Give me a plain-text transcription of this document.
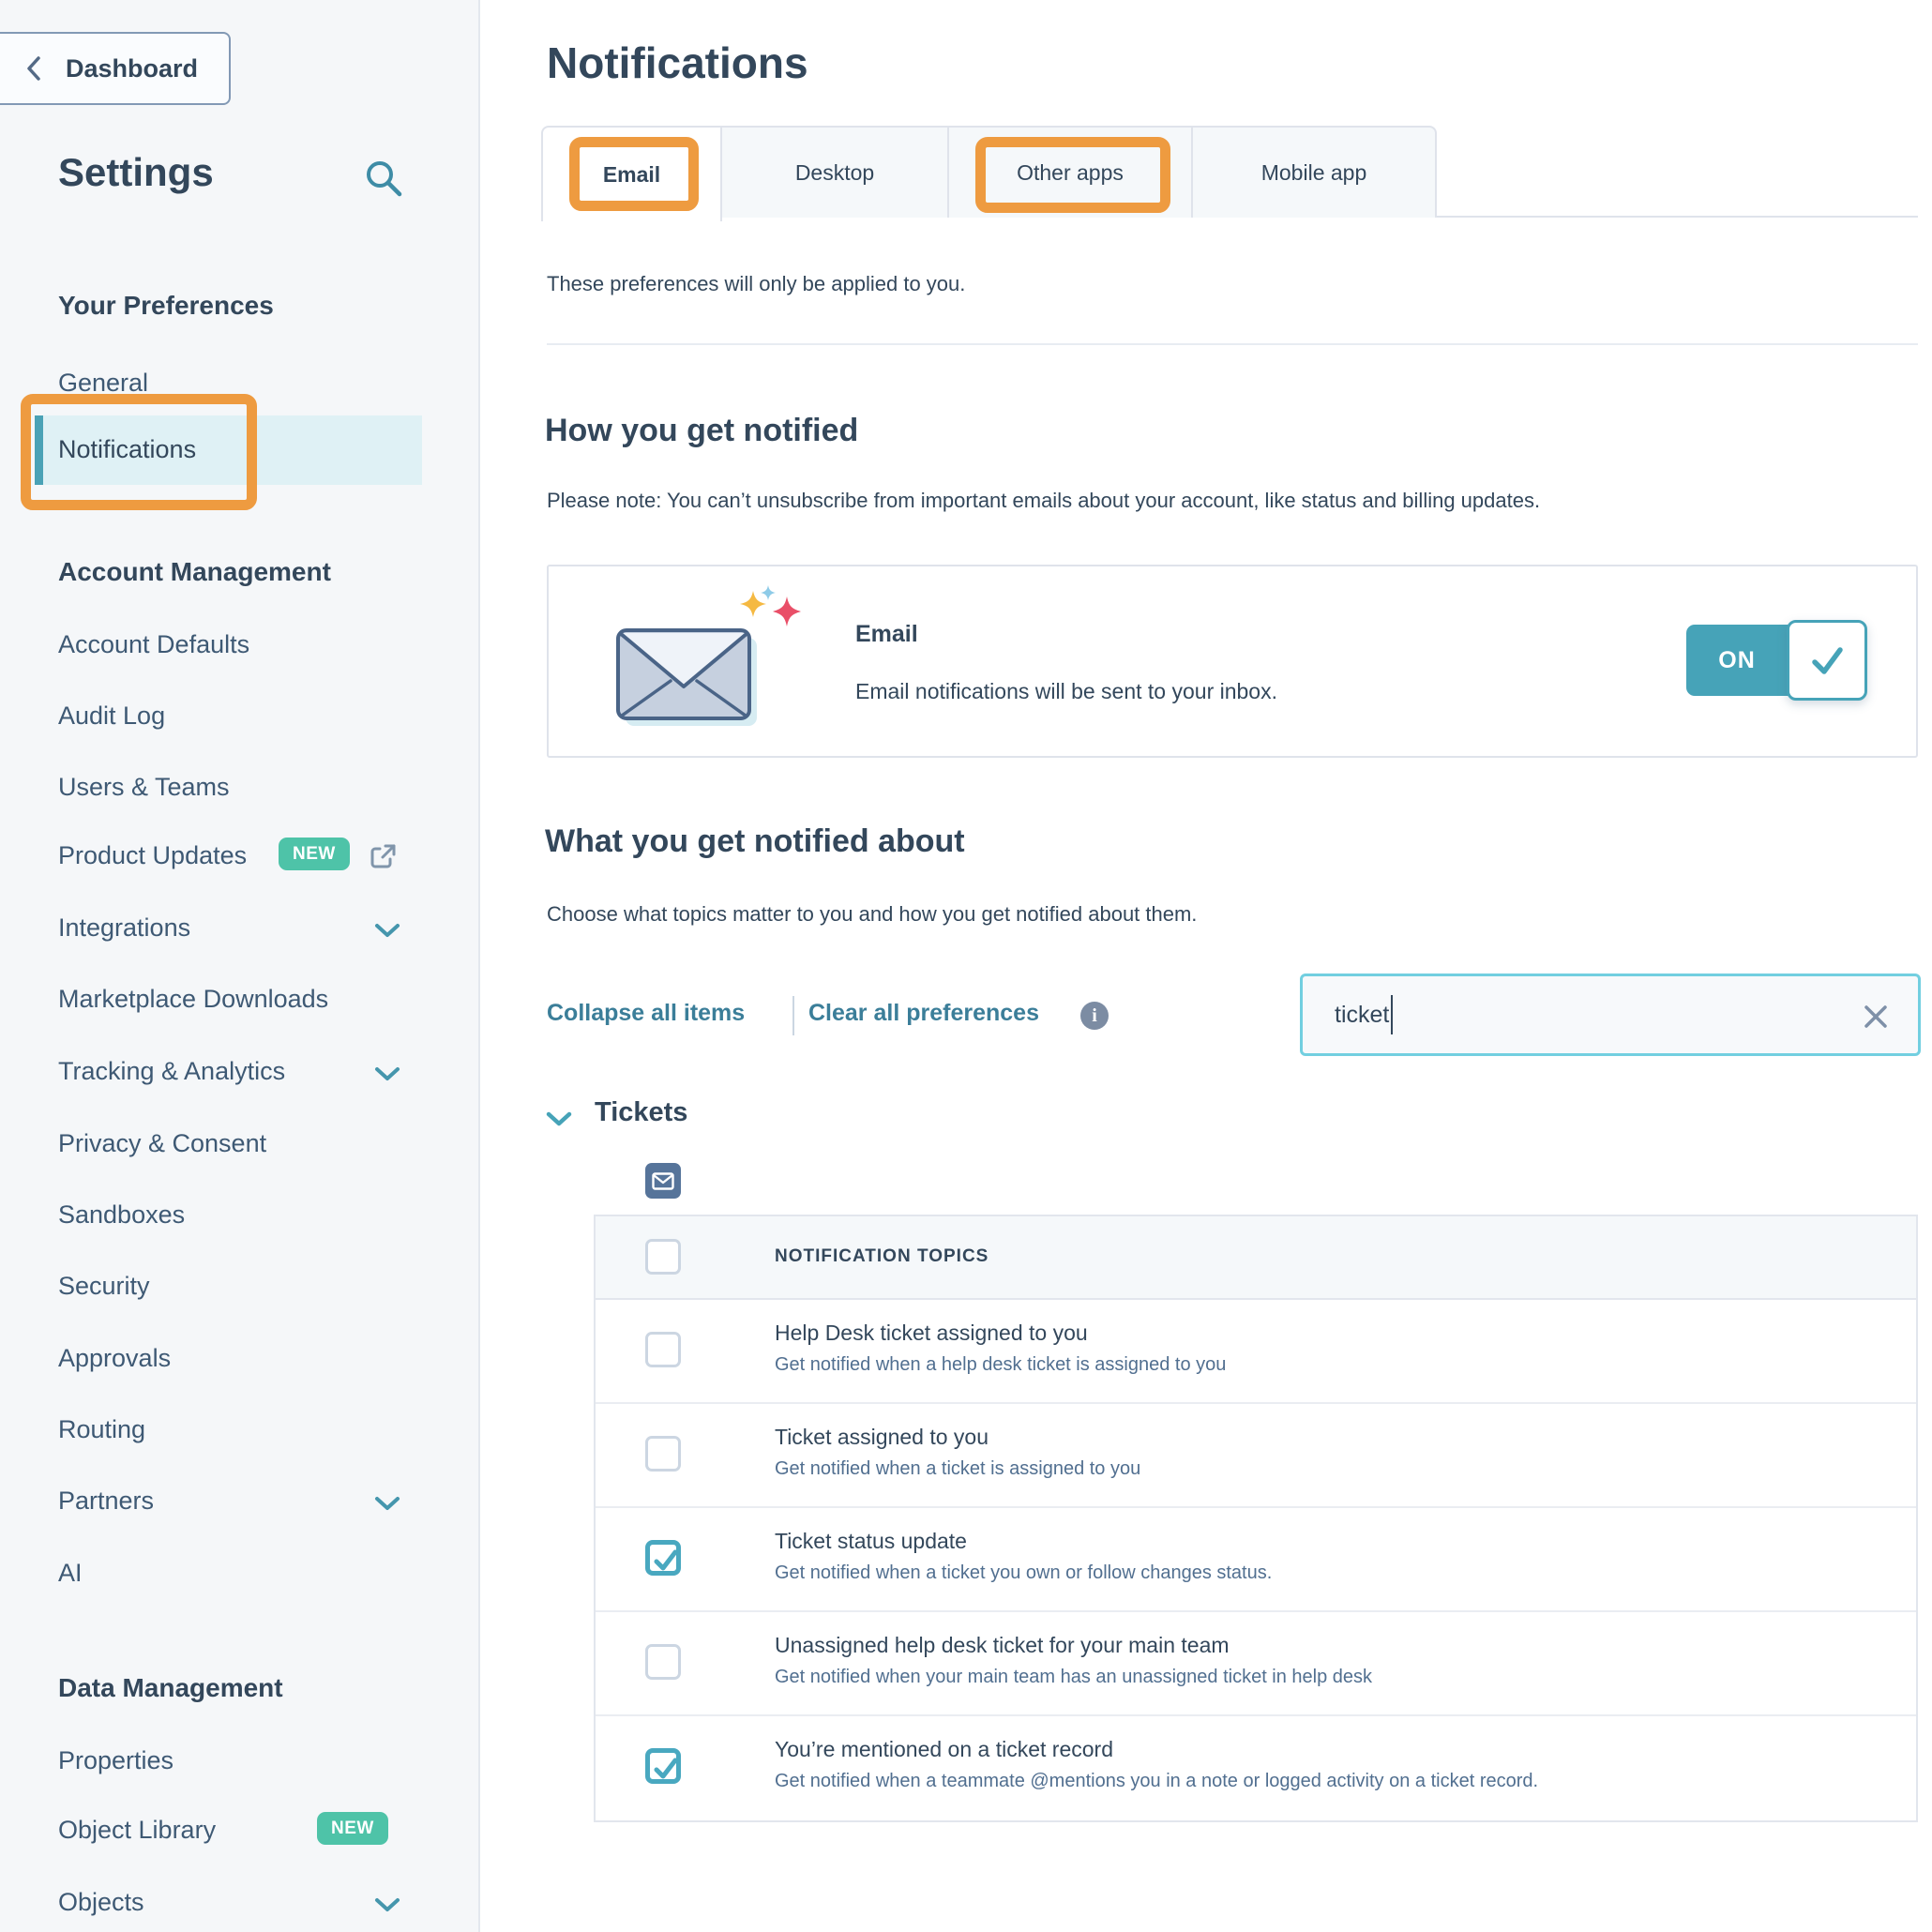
Dashboard
Settings
Your Preferences
General
Notifications
Account Management
Account Defaults
Audit Log
Users & Teams
Product Updates	NEW
Integrations
Marketplace Downloads
Tracking & Analytics
Privacy & Consent
Sandboxes
Security
Approvals
Routing
Partners
AI
Data Management
Properties
Object Library	NEW
Objects
Notifications
Email	Desktop	Other apps	Mobile app

These preferences will only be applied to you.

How you get notified

Please note: You can’t unsubscribe from important emails about your account, like status and billing updates.

Email
Email notifications will be sent to your inbox.
ON
What you get notified about

Choose what topics matter to you and how you get notified about them.

Collapse all items	Clear all preferences	i	ticket
Tickets
NOTIFICATION TOPICS
Help Desk ticket assigned to you
Get notified when a help desk ticket is assigned to you
Ticket assigned to you
Get notified when a ticket is assigned to you
Ticket status update
Get notified when a ticket you own or follow changes status.
Unassigned help desk ticket for your main team
Get notified when your main team has an unassigned ticket in help desk
You’re mentioned on a ticket record
Get notified when a teammate @mentions you in a note or logged activity on a ticket record.
